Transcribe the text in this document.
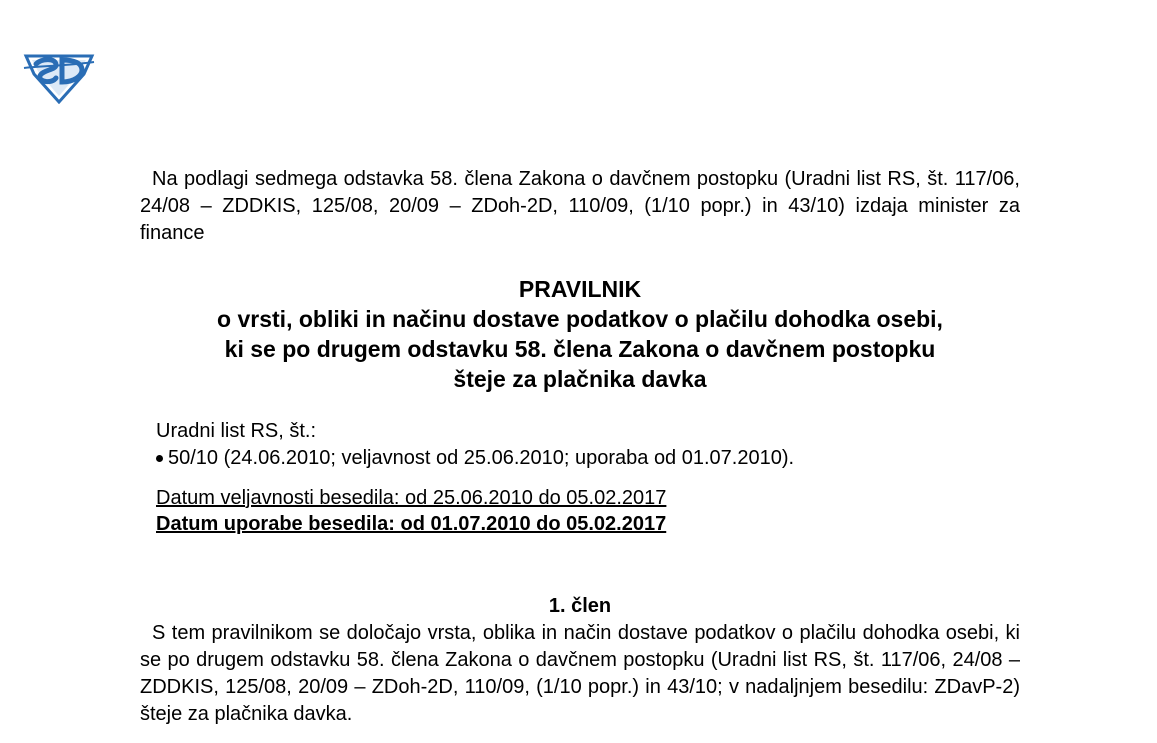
Na podlagi sedmega odstavka 58. člena Zakona o davčnem postopku (Uradni list RS, št. 117/06, 24/08 – ZDDKIS, 125/08, 20/09 – ZDoh-2D, 110/09, (1/10 popr.) in 43/10) izdaja minister za finance

PRAVILNIK
o vrsti, obliki in načinu dostave podatkov o plačilu dohodka osebi,
ki se po drugem odstavku 58. člena Zakona o davčnem postopku
šteje za plačnika davka
Uradni list RS, št.:
50/10 (24.06.2010; veljavnost od 25.06.2010; uporaba od 01.07.2010).
Datum veljavnosti besedila: od 25.06.2010 do 05.02.2017
Datum uporabe besedila: od 01.07.2010 do 05.02.2017
1. člen

S tem pravilnikom se določajo vrsta, oblika in način dostave podatkov o plačilu dohodka osebi, ki se po drugem odstavku 58. člena Zakona o davčnem postopku (Uradni list RS, št. 117/06, 24/08 – ZDDKIS, 125/08, 20/09 – ZDoh-2D, 110/09, (1/10 popr.) in 43/10; v nadaljnjem besedilu: ZDavP-2) šteje za plačnika davka.
